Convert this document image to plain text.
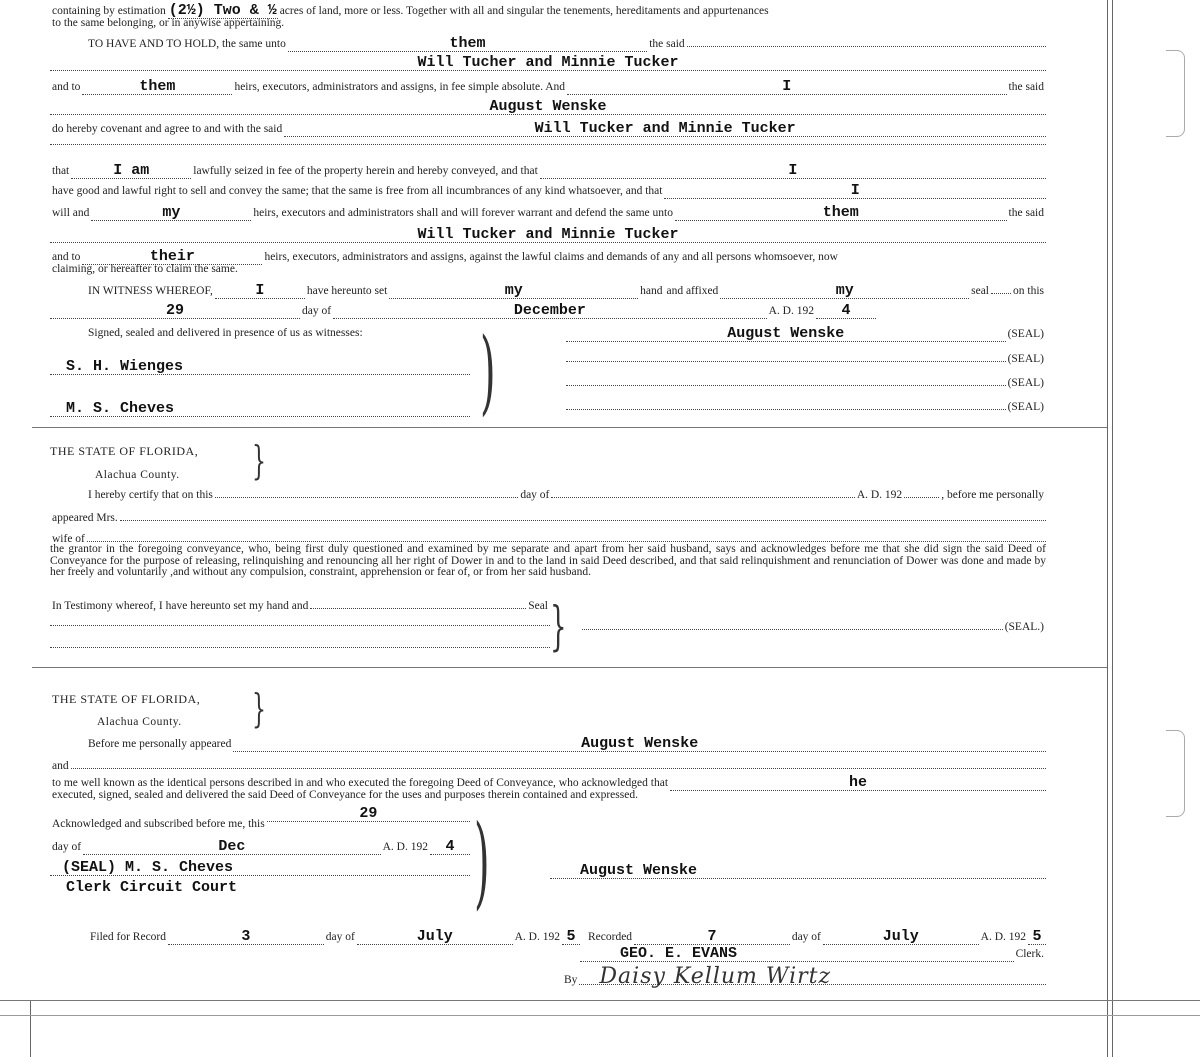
containing by estimation (2½) Two & ½ acres of land, more or less. Together with all and singular the tenements, hereditaments and appurtenances
to the same belonging, or in anywise appertaining.
TO HAVE AND TO HOLD, the same unto	them	the said
Will Tucher and Minnie Tucker
and to	them	heirs, executors, administrators and assigns, in fee simple absolute. And	I	the said
August Wenske
do hereby covenant and agree to and with the said	Will Tucker and Minnie Tucker
that	I am	lawfully seized in fee of the property herein and hereby conveyed, and that	I
have good and lawful right to sell and convey the same; that the same is free from all incumbrances of any kind whatsoever, and that	I
will and	my	heirs, executors and administrators shall and will forever warrant and defend the same unto	them	the said
Will Tucker and Minnie Tucker
and to	their	heirs, executors, administrators and assigns, against the lawful claims and demands of any and all persons whomsoever, now
claiming, or hereafter to claim the same.
IN WITNESS WHEREOF,	I	have hereunto set	my	hand and affixed	my	seal on this
29	day of	December	A. D. 192	4
Signed, sealed and delivered in presence of us as witnesses:
S. H. Wienges
M. S. Cheves	)	August Wenske	(SEAL)
(SEAL)
(SEAL)
(SEAL)
THE STATE OF FLORIDA,
Alachua County.	}
I hereby certify that on this	day of	A. D. 192	, before me personally
appeared Mrs.
wife of
the grantor in the foregoing conveyance, who, being first duly questioned and examined by me separate and apart from her said husband, says and acknowledges before me that she did sign the said Deed of Conveyance for the purpose of releasing, relinquishing and renouncing all her right of Dower in and to the land in said Deed described, and that said relinquishment and renunciation of Dower was done and made by her freely and voluntarily ,and without any compulsion, constraint, apprehension or fear of, or from her said husband.
In Testimony whereof, I have hereunto set my hand and	Seal }	(SEAL.)
THE STATE OF FLORIDA,
Alachua County.	}
Before me personally appeared	August Wenske
and
to me well known as the identical persons described in and who executed the foregoing Deed of Conveyance, who acknowledged that	he
executed, signed, sealed and delivered the said Deed of Conveyance for the uses and purposes therein contained and expressed.
Acknowledged and subscribed before me, this
29
day of	Dec	A. D. 192	4
(SEAL) M. S. Cheves
Clerk Circuit Court	)	August Wenske
Filed for Record	3	day of	July	A. D. 192 5	Recorded	7	day of	July	A. D. 192 5
GEO. E. EVANS	Clerk.
By	Daisy Kellum Wirtz
